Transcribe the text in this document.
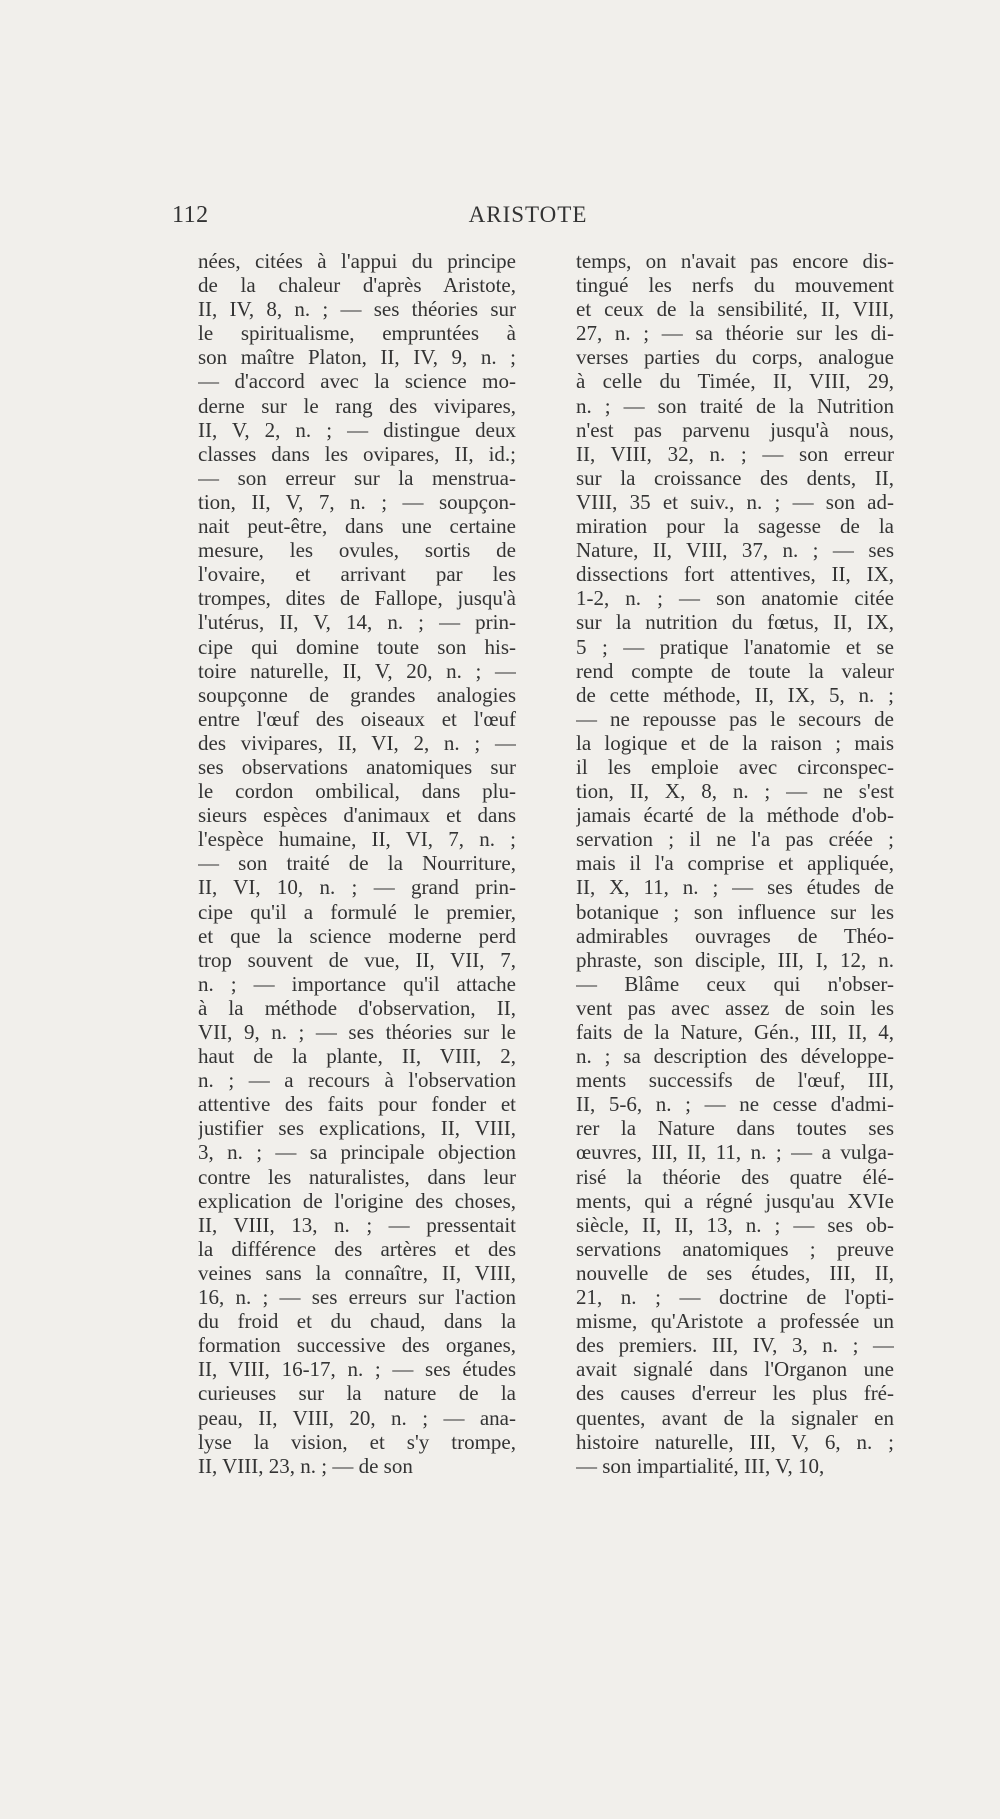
112	ARISTOTE
nées, citées à l'appui du principe
de la chaleur d'après Aristote,
II, IV, 8, n. ; — ses théories sur
le spiritualisme, empruntées à
son maître Platon, II, IV, 9, n. ;
— d'accord avec la science mo-
derne sur le rang des vivipares,
II, V, 2, n. ; — distingue deux
classes dans les ovipares, II, id.;
— son erreur sur la menstrua-
tion, II, V, 7, n. ; — soupçon-
nait peut-être, dans une certaine
mesure, les ovules, sortis de
l'ovaire, et arrivant par les
trompes, dites de Fallope, jusqu'à
l'utérus, II, V, 14, n. ; — prin-
cipe qui domine toute son his-
toire naturelle, II, V, 20, n. ; —
soupçonne de grandes analogies
entre l'œuf des oiseaux et l'œuf
des vivipares, II, VI, 2, n. ; —
ses observations anatomiques sur
le cordon ombilical, dans plu-
sieurs espèces d'animaux et dans
l'espèce humaine, II, VI, 7, n. ;
— son traité de la Nourriture,
II, VI, 10, n. ; — grand prin-
cipe qu'il a formulé le premier,
et que la science moderne perd
trop souvent de vue, II, VII, 7,
n. ; — importance qu'il attache
à la méthode d'observation, II,
VII, 9, n. ; — ses théories sur le
haut de la plante, II, VIII, 2,
n. ; — a recours à l'observation
attentive des faits pour fonder et
justifier ses explications, II, VIII,
3, n. ; — sa principale objection
contre les naturalistes, dans leur
explication de l'origine des choses,
II, VIII, 13, n. ; — pressentait
la différence des artères et des
veines sans la connaître, II, VIII,
16, n. ; — ses erreurs sur l'action
du froid et du chaud, dans la
formation successive des organes,
II, VIII, 16-17, n. ; — ses études
curieuses sur la nature de la
peau, II, VIII, 20, n. ; — ana-
lyse la vision, et s'y trompe,
II, VIII, 23, n. ; — de son
temps, on n'avait pas encore dis-
tingué les nerfs du mouvement
et ceux de la sensibilité, II, VIII,
27, n. ; — sa théorie sur les di-
verses parties du corps, analogue
à celle du Timée, II, VIII, 29,
n. ; — son traité de la Nutrition
n'est pas parvenu jusqu'à nous,
II, VIII, 32, n. ; — son erreur
sur la croissance des dents, II,
VIII, 35 et suiv., n. ; — son ad-
miration pour la sagesse de la
Nature, II, VIII, 37, n. ; — ses
dissections fort attentives, II, IX,
1-2, n. ; — son anatomie citée
sur la nutrition du fœtus, II, IX,
5 ; — pratique l'anatomie et se
rend compte de toute la valeur
de cette méthode, II, IX, 5, n. ;
— ne repousse pas le secours de
la logique et de la raison ; mais
il les emploie avec circonspec-
tion, II, X, 8, n. ; — ne s'est
jamais écarté de la méthode d'ob-
servation ; il ne l'a pas créée ;
mais il l'a comprise et appliquée,
II, X, 11, n. ; — ses études de
botanique ; son influence sur les
admirables ouvrages de Théo-
phraste, son disciple, III, I, 12, n.
— Blâme ceux qui n'obser-
vent pas avec assez de soin les
faits de la Nature, Gén., III, II, 4,
n. ; sa description des développe-
ments successifs de l'œuf, III,
II, 5-6, n. ; — ne cesse d'admi-
rer la Nature dans toutes ses
œuvres, III, II, 11, n. ; — a vulga-
risé la théorie des quatre élé-
ments, qui a régné jusqu'au XVIe
siècle, II, II, 13, n. ; — ses ob-
servations anatomiques ; preuve
nouvelle de ses études, III, II,
21, n. ; — doctrine de l'opti-
misme, qu'Aristote a professée un
des premiers. III, IV, 3, n. ; —
avait signalé dans l'Organon une
des causes d'erreur les plus fré-
quentes, avant de la signaler en
histoire naturelle, III, V, 6, n. ;
— son impartialité, III, V, 10,
